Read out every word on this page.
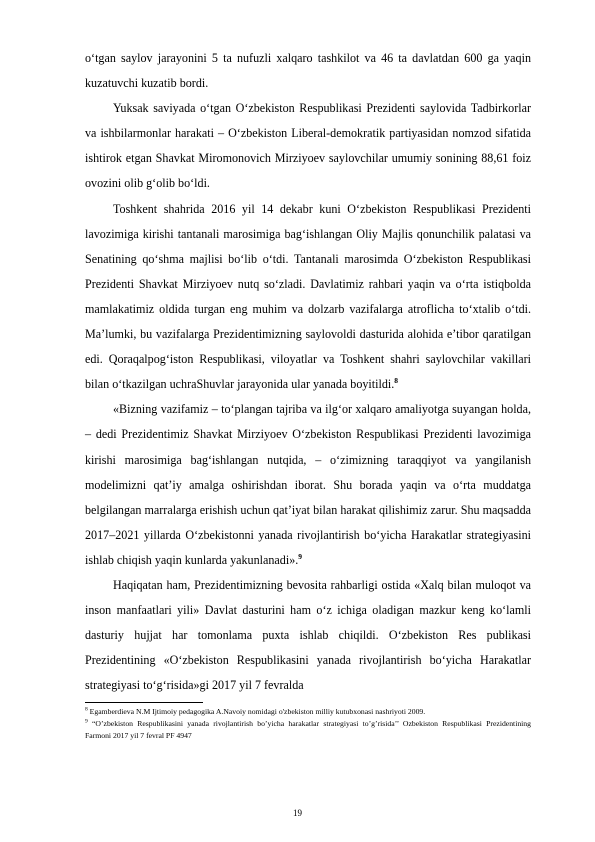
o‘tgan saylov jarayonini 5 ta nufuzli xalqaro tashkilot va 46 ta davlatdan 600 ga yaqin kuzatuvchi kuzatib bordi.

Yuksak saviyada o‘tgan O‘zbekiston Respublikasi Prezidenti saylovida Tadbirkorlar va ishbilarmonlar harakati – O‘zbekiston Liberal-demokratik partiyasidan nomzod sifatida ishtirok etgan Shavkat Miromonovich Mirziyoev saylovchilar umumiy sonining 88,61 foiz ovozini olib g‘olib bo‘ldi.

Toshkent shahrida 2016 yil 14 dekabr kuni O‘zbekiston Respublikasi Prezidenti lavozimiga kirishi tantanali marosimiga bag‘ishlangan Oliy Majlis qonunchilik palatasi va Senatining qo‘shma majlisi bo‘lib o‘tdi. Tantanali marosimda O‘zbekiston Respublikasi Prezidenti Shavkat Mirziyoev nutq so‘zladi. Davlatimiz rahbari yaqin va o‘rta istiqbolda mamlakatimiz oldida turgan eng muhim va dolzarb vazifalarga atroflicha to‘xtalib o‘tdi. Ma’lumki, bu vazifalarga Prezidentimizning saylovoldi dasturida alohida e’tibor qaratilgan edi. Qoraqalpog‘iston Respublikasi, viloyatlar va Toshkent shahri saylovchilar vakillari bilan o‘tkazilgan uchraShuvlar jarayonida ular yanada boyitildi.$^8$

«Bizning vazifamiz – to‘plangan tajriba va ilg‘or xalqaro amaliyotga suyangan holda, – dedi Prezidentimiz Shavkat Mirziyoev O‘zbekiston Respublikasi Prezidenti lavozimiga kirishi marosimiga bag‘ishlangan nutqida, – o‘zimizning taraqqiyot va yangilanish modelimizni qat’iy amalga oshirishdan iborat. Shu borada yaqin va o‘rta muddatga belgilangan marralarga erishish uchun qat’iyat bilan harakat qilishimiz zarur. Shu maqsadda 2017–2021 yillarda O‘zbekistonni yanada rivojlantirish bo‘yicha Harakatlar strategiyasini ishlab chiqish yaqin kunlarda yakunlanadi».$^9$

Haqiqatan ham, Prezidentimizning bevosita rahbarligi ostida «Xalq bilan muloqot va inson manfaatlari yili» Davlat dasturini ham o‘z ichiga oladigan mazkur keng ko‘lamli dasturiy hujjat har tomonlama puxta ishlab chiqildi. O‘zbekiston Res publikasi Prezidentining «O‘zbekiston Respublikasini yanada rivojlantirish bo‘yicha Harakatlar strategiyasi to‘g‘risida»gi 2017 yil 7 fevralda

$^8$ Egamberdieva N.M Ijtimoiy pedagogika A.Navoiy nomidagi o'zbekiston milliy kutubxonasi nashriyoti 2009.

$^9$ “O’zbekiston Respublikasini yanada rivojlantirish bo’yicha harakatlar strategiyasi to’g’risida’’ Ozbekiston Respublikasi Prezidentining Farmoni 2017 yil 7 fevral PF 4947

19
